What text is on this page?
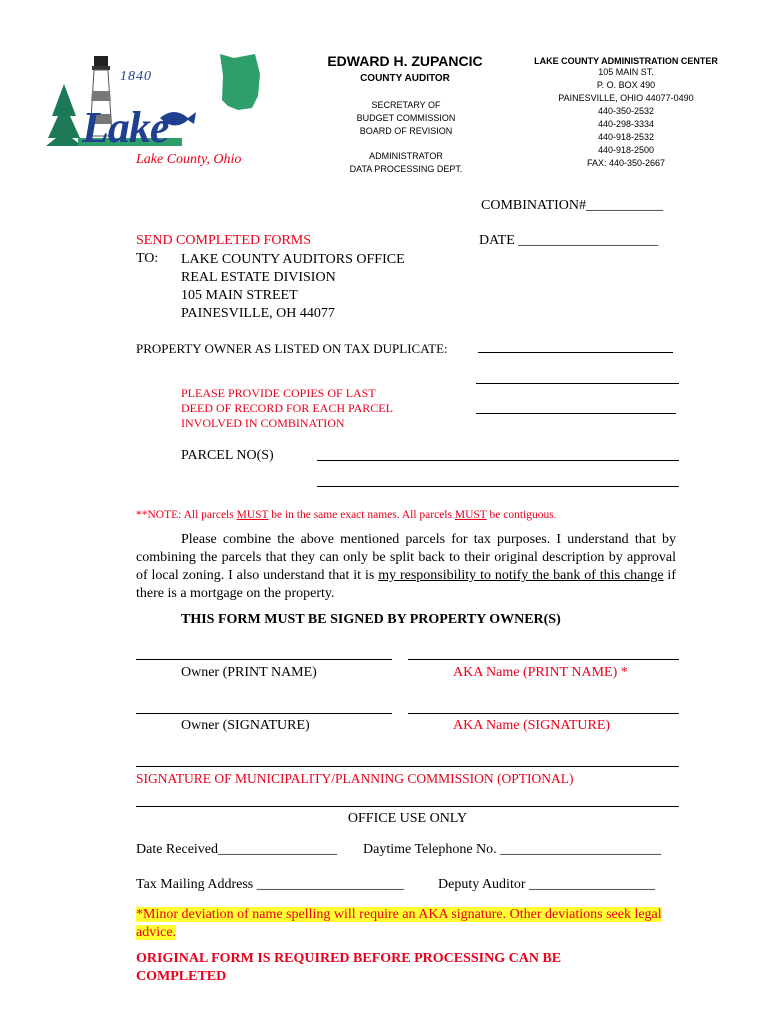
1840
Lake
Lake County, Ohio
EDWARD H. ZUPANCIC
COUNTY AUDITOR
SECRETARY OF
BUDGET COMMISSION
BOARD OF REVISION
ADMINISTRATOR
DATA PROCESSING DEPT.
LAKE COUNTY ADMINISTRATION CENTER
105 MAIN ST.
P. O. BOX 490
PAINESVILLE, OHIO 44077-0490
440-350-2532
440-298-3334
440-918-2532
440-918-2500
FAX: 440-350-2667
COMBINATION#___________
DATE ____________________
SEND COMPLETED FORMS
TO: LAKE COUNTY AUDITORS OFFICE
REAL ESTATE DIVISION
105 MAIN STREET
PAINESVILLE, OH 44077
PROPERTY OWNER AS LISTED ON TAX DUPLICATE:
PLEASE PROVIDE COPIES OF LAST
DEED OF RECORD FOR EACH PARCEL
INVOLVED IN COMBINATION
PARCEL NO(S)
**NOTE: All parcels MUST be in the same exact names. All parcels MUST be contiguous.
Please combine the above mentioned parcels for tax purposes. I understand that by combining the parcels that they can only be split back to their original description by approval of local zoning. I also understand that it is my responsibility to notify the bank of this change if there is a mortgage on the property.
THIS FORM MUST BE SIGNED BY PROPERTY OWNER(S)
Owner (PRINT NAME)	AKA Name (PRINT NAME) *
Owner (SIGNATURE)	AKA Name (SIGNATURE)
SIGNATURE OF MUNICIPALITY/PLANNING COMMISSION (OPTIONAL)
OFFICE USE ONLY
Date Received_________________ Daytime Telephone No. _______________________
Tax Mailing Address _____________________ Deputy Auditor __________________
*Minor deviation of name spelling will require an AKA signature. Other deviations seek legal advice.
ORIGINAL FORM IS REQUIRED BEFORE PROCESSING CAN BE COMPLETED
